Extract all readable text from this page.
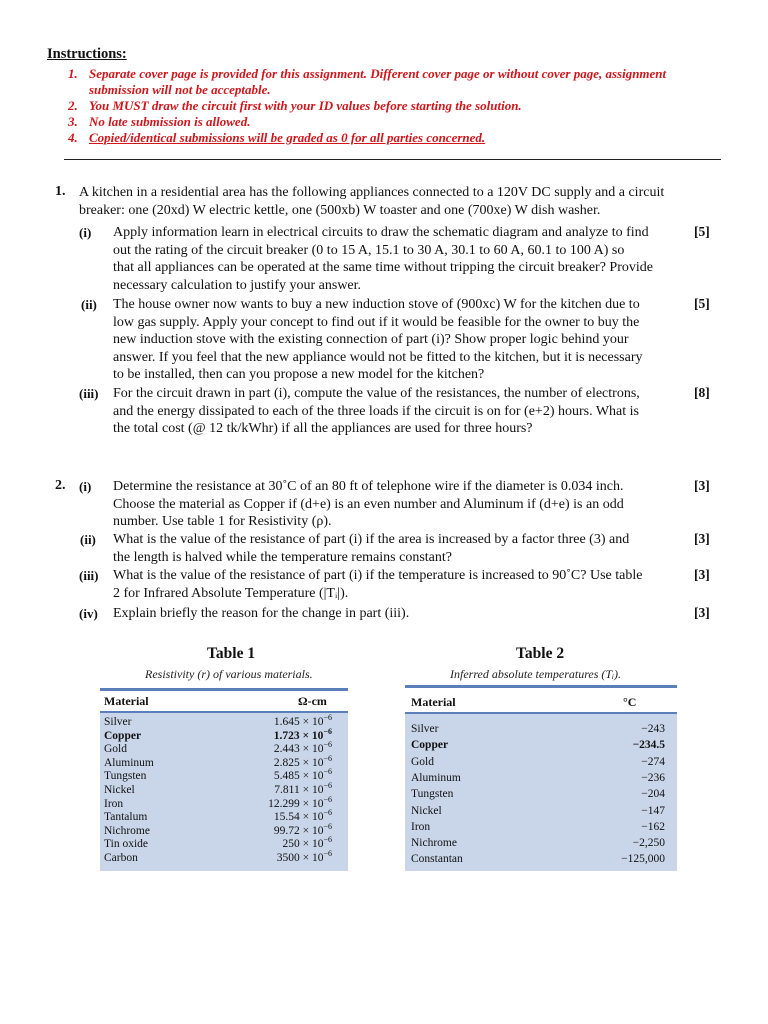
Instructions:
1. Separate cover page is provided for this assignment. Different cover page or without cover page, assignment
submission will not be acceptable.
2. You MUST draw the circuit first with your ID values before starting the solution.
3. No late submission is allowed.
4. Copied/identical submissions will be graded as 0 for all parties concerned.
1. A kitchen in a residential area has the following appliances connected to a 120V DC supply and a circuit
breaker: one (20xd) W electric kettle, one (500xb) W toaster and one (700xe) W dish washer.
(i) Apply information learn in electrical circuits to draw the schematic diagram and analyze to find
out the rating of the circuit breaker (0 to 15 A, 15.1 to 30 A, 30.1 to 60 A, 60.1 to 100 A) so
that all appliances can be operated at the same time without tripping the circuit breaker? Provide
necessary calculation to justify your answer.
[5]
(ii) The house owner now wants to buy a new induction stove of (900xc) W for the kitchen due to
low gas supply. Apply your concept to find out if it would be feasible for the owner to buy the
new induction stove with the existing connection of part (i)? Show proper logic behind your
answer. If you feel that the new appliance would not be fitted to the kitchen, but it is necessary
to be installed, then can you propose a new model for the kitchen?
[5]
(iii) For the circuit drawn in part (i), compute the value of the resistances, the number of electrons,
and the energy dissipated to each of the three loads if the circuit is on for (e+2) hours. What is
the total cost (@ 12 tk/kWhr) if all the appliances are used for three hours?
[8]
2. (i) Determine the resistance at 30˚C of an 80 ft of telephone wire if the diameter is 0.034 inch.
Choose the material as Copper if (d+e) is an even number and Aluminum if (d+e) is an odd
number. Use table 1 for Resistivity (ρ).
[3]
(ii) What is the value of the resistance of part (i) if the area is increased by a factor three (3) and
the length is halved while the temperature remains constant?
[3]
(iii) What is the value of the resistance of part (i) if the temperature is increased to 90˚C? Use table
2 for Infrared Absolute Temperature (|Tᵢ|).
[3]
(iv) Explain briefly the reason for the change in part (iii).	[3]
Table 1
Resistivity (r) of various materials.
Material	Ω-cm
Silver	$1.645 \times 10^{-6}$
Copper	$1.723 \times 10^{-6}$
Gold	$2.443 \times 10^{-6}$
Aluminum	$2.825 \times 10^{-6}$
Tungsten	$5.485 \times 10^{-6}$
Nickel	$7.811 \times 10^{-6}$
Iron	$12.299 \times 10^{-6}$
Tantalum	$15.54 \times 10^{-6}$
Nichrome	$99.72 \times 10^{-6}$
Tin oxide	$250 \times 10^{-6}$
Carbon	$3500 \times 10^{-6}$
Table 2
Inferred absolute temperatures (Tᵢ).
Material	°C
Silver	−243
Copper	−234.5
Gold	−274
Aluminum	−236
Tungsten	−204
Nickel	−147
Iron	−162
Nichrome	−2,250
Constantan	−125,000
